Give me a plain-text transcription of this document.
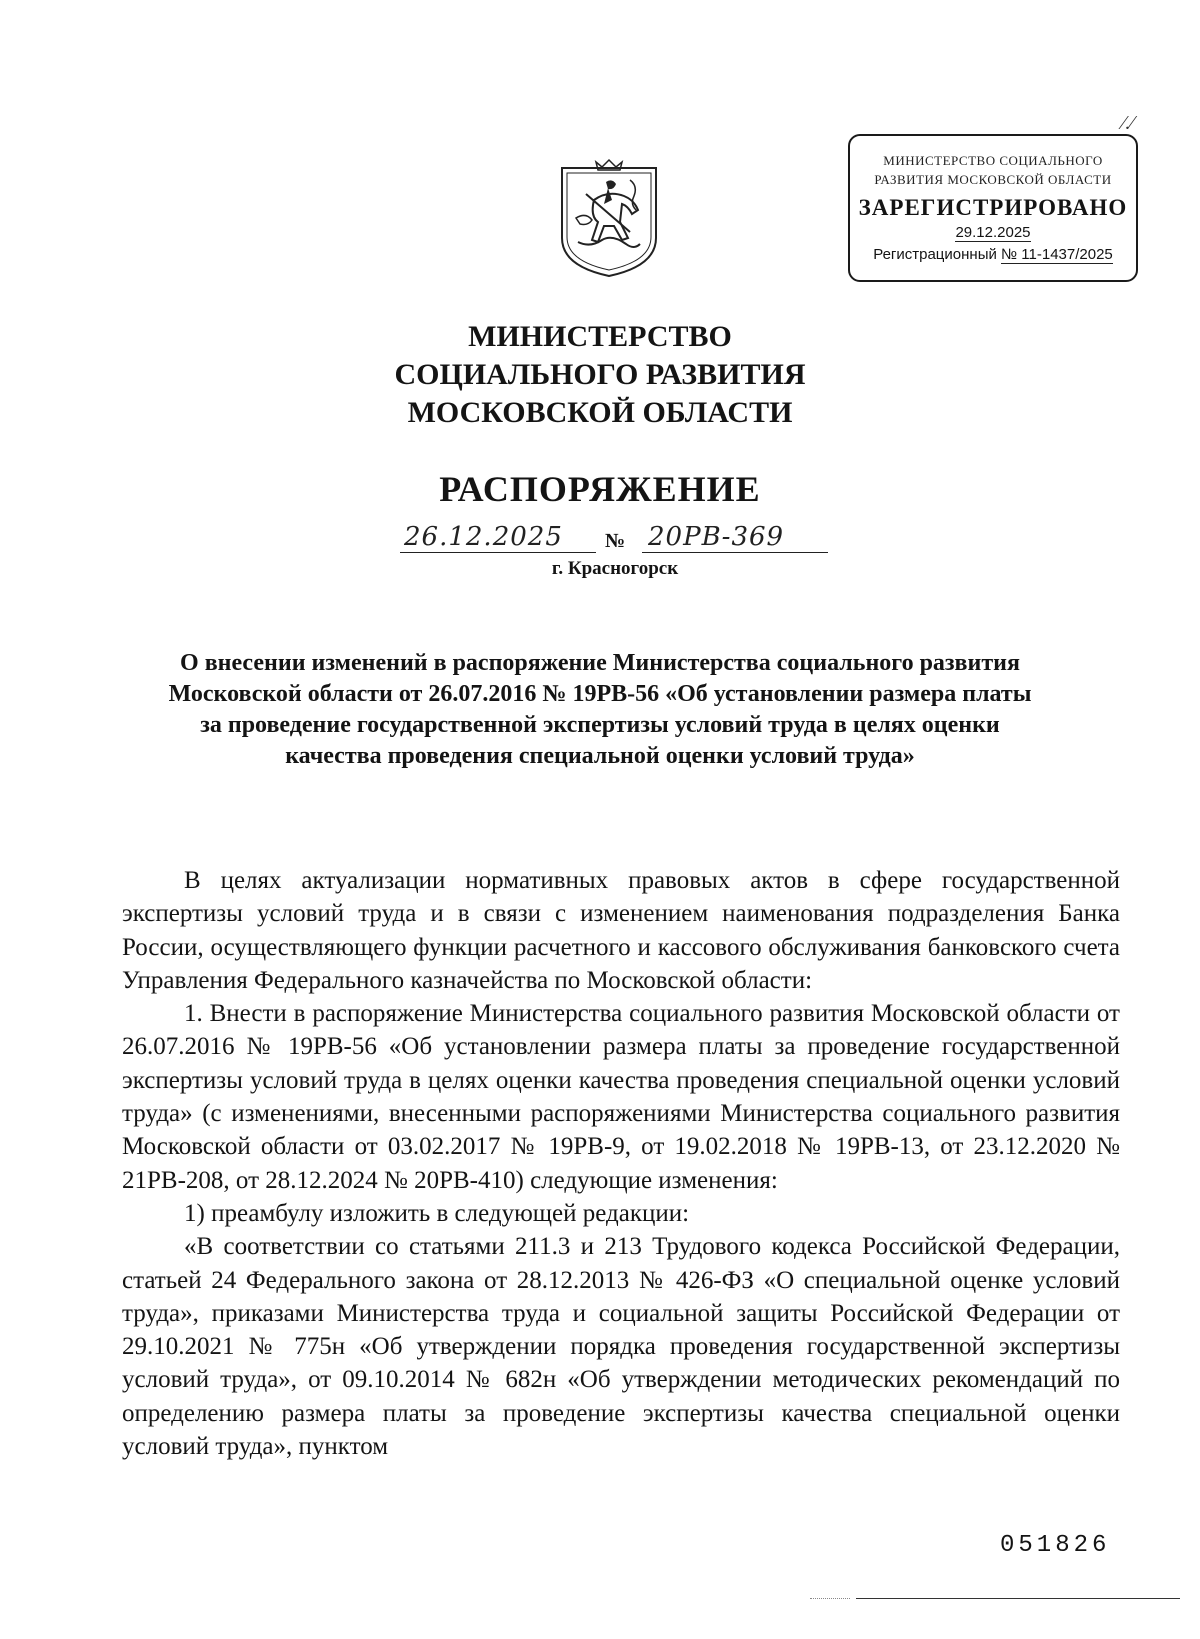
⁄.⁄
МИНИСТЕРСТВО СОЦИАЛЬНОГО
РАЗВИТИЯ МОСКОВСКОЙ ОБЛАСТИ
ЗАРЕГИСТРИРОВАНО
29.12.2025
Регистрационный № 11-1437/2025
МИНИСТЕРСТВО
СОЦИАЛЬНОГО РАЗВИТИЯ
МОСКОВСКОЙ ОБЛАСТИ
РАСПОРЯЖЕНИЕ
26.12.2025	№ 20РВ-369
г. Красногорск
О внесении изменений в распоряжение Министерства социального развития
Московской области от 26.07.2016 № 19РВ-56 «Об установлении размера платы
за проведение государственной экспертизы условий труда в целях оценки
качества проведения специальной оценки условий труда»

В целях актуализации нормативных правовых актов в сфере государственной экспертизы условий труда и в связи с изменением наименования подразделения Банка России, осуществляющего функции расчетного и кассового обслуживания банковского счета Управления Федерального казначейства по Московской области:

1. Внести в распоряжение Министерства социального развития Московской области от 26.07.2016 № 19РВ-56 «Об установлении размера платы за проведение государственной экспертизы условий труда в целях оценки качества проведения специальной оценки условий труда» (с изменениями, внесенными распоряжениями Министерства социального развития Московской области от 03.02.2017 № 19РВ-9, от 19.02.2018 № 19РВ-13, от 23.12.2020 № 21РВ-208, от 28.12.2024 № 20РВ-410) следующие изменения:

1) преамбулу изложить в следующей редакции:

«В соответствии со статьями 211.3 и 213 Трудового кодекса Российской Федерации, статьей 24 Федерального закона от 28.12.2013 № 426-ФЗ «О специальной оценке условий труда», приказами Министерства труда и социальной защиты Российской Федерации от 29.10.2021 № 775н «Об утверждении порядка проведения государственной экспертизы условий труда», от 09.10.2014 № 682н «Об утверждении методических рекомендаций по определению размера платы за проведение экспертизы качества специальной оценки условий труда», пунктом

051826
